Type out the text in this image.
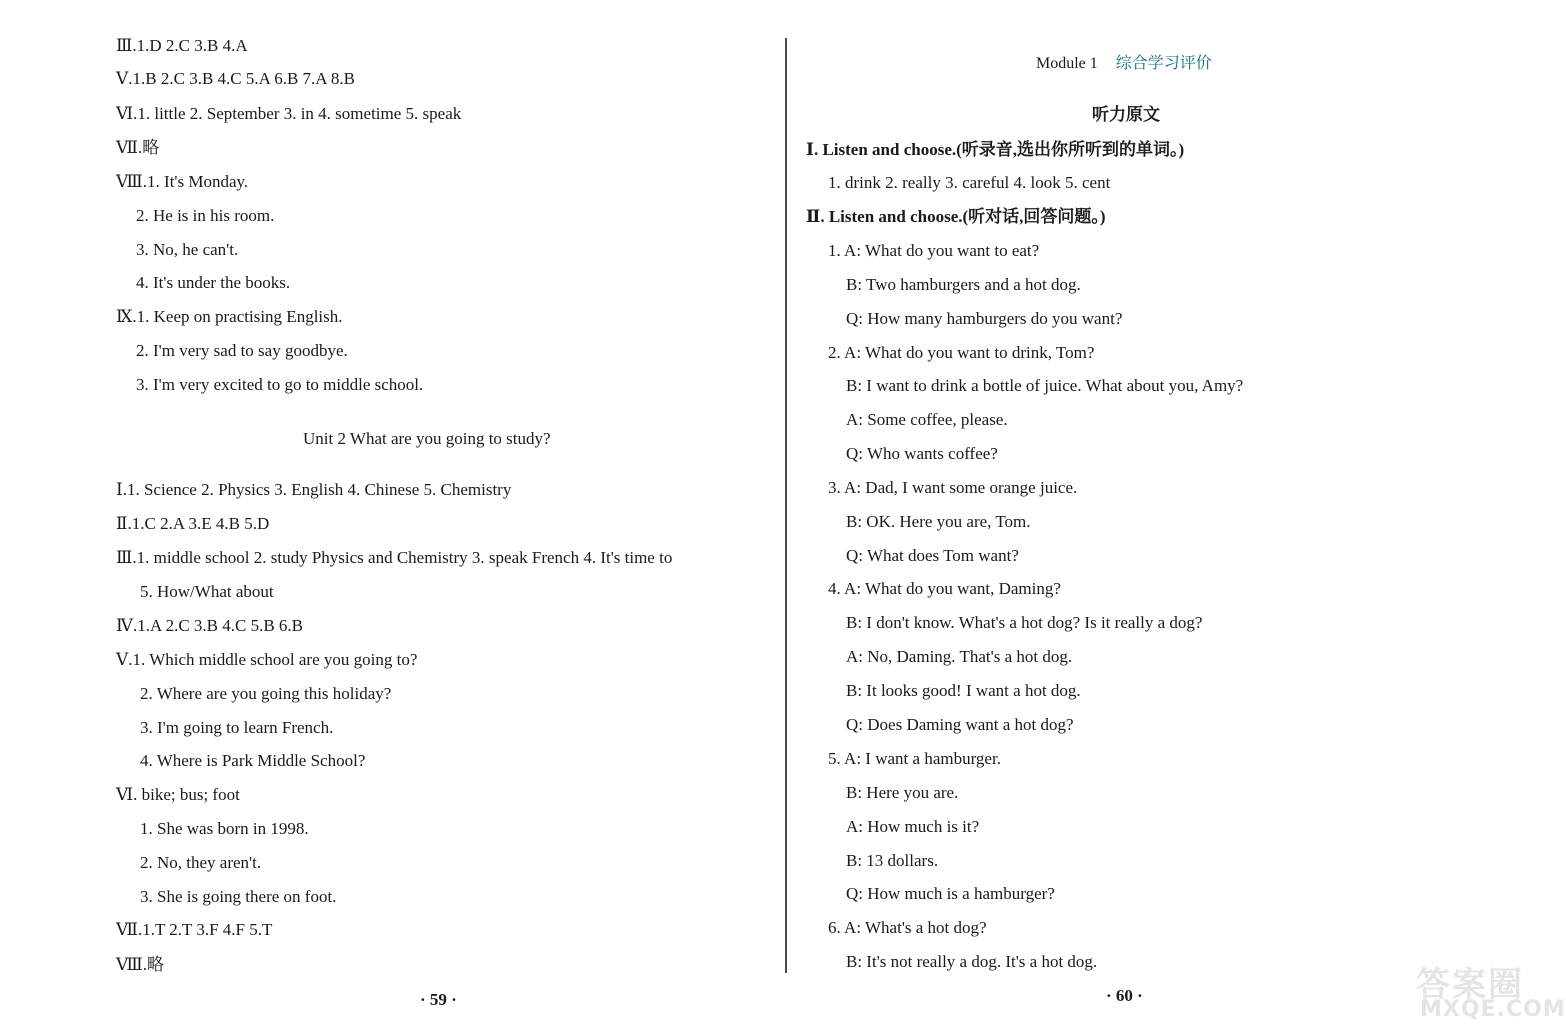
Ⅲ.1.D 2.C 3.B 4.A
Ⅴ.1.B 2.C 3.B 4.C 5.A 6.B 7.A 8.B
Ⅵ.1. little 2. September 3. in 4. sometime 5. speak
Ⅶ.略
Ⅷ.1. It's Monday.
2. He is in his room.
3. No, he can't.
4. It's under the books.
Ⅸ.1. Keep on practising English.
2. I'm very sad to say goodbye.
3. I'm very excited to go to middle school.
Unit 2 What are you going to study?
Ⅰ.1. Science 2. Physics 3. English 4. Chinese 5. Chemistry
Ⅱ.1.C 2.A 3.E 4.B 5.D
Ⅲ.1. middle school 2. study Physics and Chemistry 3. speak French 4. It's time to
5. How/What about
Ⅳ.1.A 2.C 3.B 4.C 5.B 6.B
Ⅴ.1. Which middle school are you going to?
2. Where are you going this holiday?
3. I'm going to learn French.
4. Where is Park Middle School?
Ⅵ. bike; bus; foot
1. She was born in 1998.
2. No, they aren't.
3. She is going there on foot.
Ⅶ.1.T 2.T 3.F 4.F 5.T
Ⅷ.略
· 59 ·
Module 1 综合学习评价
听力原文
Ⅰ. Listen and choose.(听录音,选出你所听到的单词。)
1. drink 2. really 3. careful 4. look 5. cent
Ⅱ. Listen and choose.(听对话,回答问题。)
1. A: What do you want to eat?
B: Two hamburgers and a hot dog.
Q: How many hamburgers do you want?
2. A: What do you want to drink, Tom?
B: I want to drink a bottle of juice. What about you, Amy?
A: Some coffee, please.
Q: Who wants coffee?
3. A: Dad, I want some orange juice.
B: OK. Here you are, Tom.
Q: What does Tom want?
4. A: What do you want, Daming?
B: I don't know. What's a hot dog? Is it really a dog?
A: No, Daming. That's a hot dog.
B: It looks good! I want a hot dog.
Q: Does Daming want a hot dog?
5. A: I want a hamburger.
B: Here you are.
A: How much is it?
B: 13 dollars.
Q: How much is a hamburger?
6. A: What's a hot dog?
B: It's not really a dog. It's a hot dog.
· 60 ·	答案圈
MXQE.COM
